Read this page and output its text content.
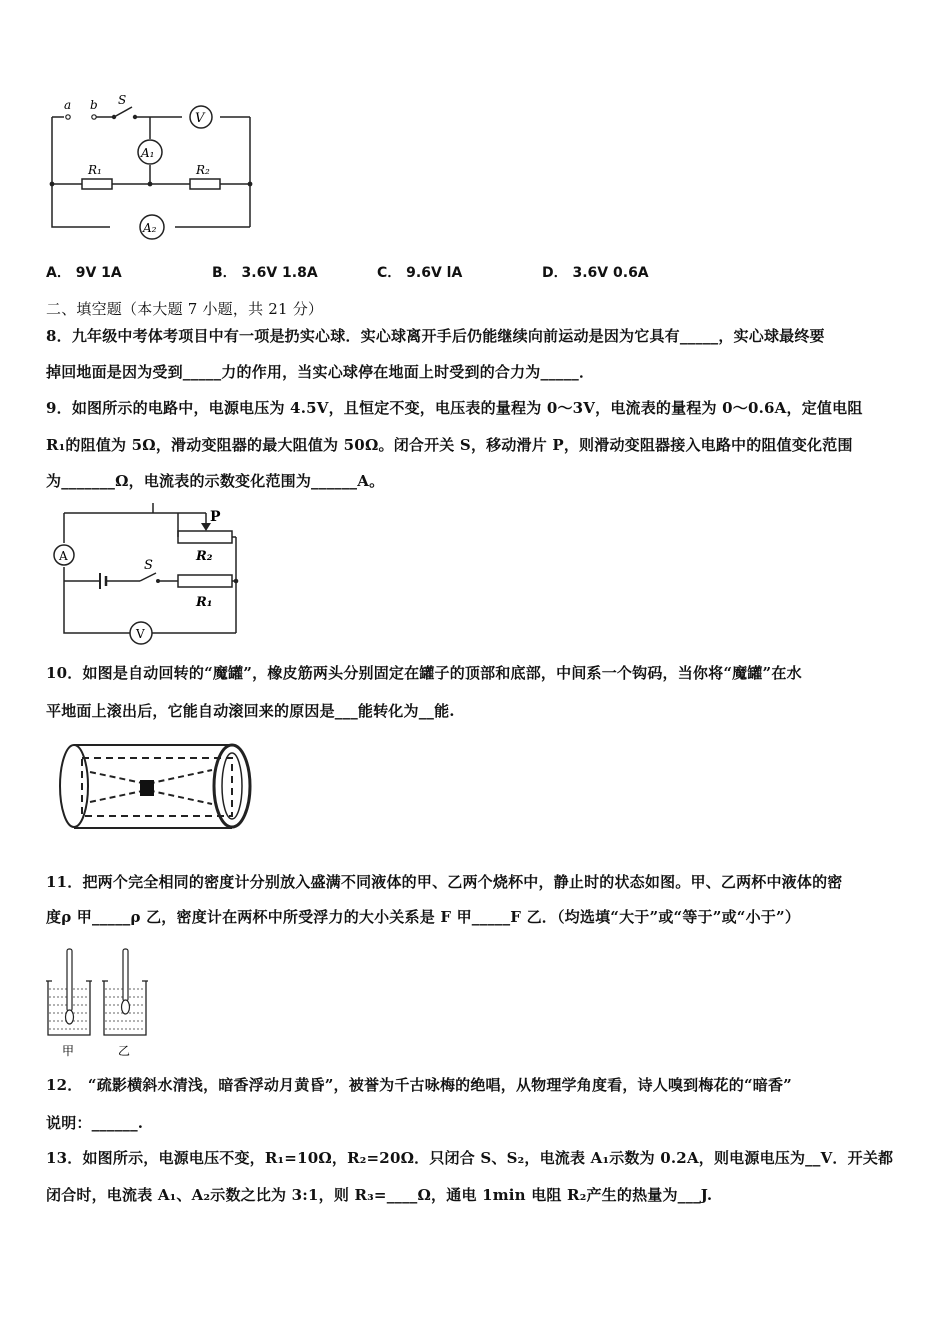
a b S
V
A₁
A₂
R₁	R₂
A． 9V 1A	B． 3.6V 1.8A	C． 9.6V lA	D． 3.6V 0.6A
二、填空题（本大题 7 小题，共 21 分）
8．九年级中考体考项目中有一项是扔实心球．实心球离开手后仍能继续向前运动是因为它具有_____，实心球最终要
掉回地面是因为受到_____力的作用，当实心球停在地面上时受到的合力为_____．
9．如图所示的电路中，电源电压为 4.5V，且恒定不变，电压表的量程为 0～3V，电流表的量程为 0～0.6A，定值电阻
R₁的阻值为 5Ω，滑动变阻器的最大阻值为 50Ω。闭合开关 S，移动滑片 P，则滑动变阻器接入电路中的阻值变化范围
为_______Ω，电流表的示数变化范围为______A。
P
R₂
S
R₁
A
V
10．如图是自动回转的“魔罐”，橡皮筋两头分别固定在罐子的顶部和底部，中间系一个钩码，当你将“魔罐”在水
平地面上滚出后，它能自动滚回来的原因是___能转化为__能.
11．把两个完全相同的密度计分别放入盛满不同液体的甲、乙两个烧杯中，静止时的状态如图。甲、乙两杯中液体的密
度ρ 甲_____ρ 乙，密度计在两杯中所受浮力的大小关系是 F 甲_____F 乙．（均选填“大于”或“等于”或“小于”）
甲	乙
12． “疏影横斜水清浅，暗香浮动月黄昏”，被誉为千古咏梅的绝唱，从物理学角度看，诗人嗅到梅花的“暗香”
说明：______.
13．如图所示，电源电压不变，R₁=10Ω，R₂=20Ω．只闭合 S、S₂，电流表 A₁示数为 0.2A，则电源电压为__V．开关都
闭合时，电流表 A₁、A₂示数之比为 3:1，则 R₃=____Ω，通电 1min 电阻 R₂产生的热量为___J.
